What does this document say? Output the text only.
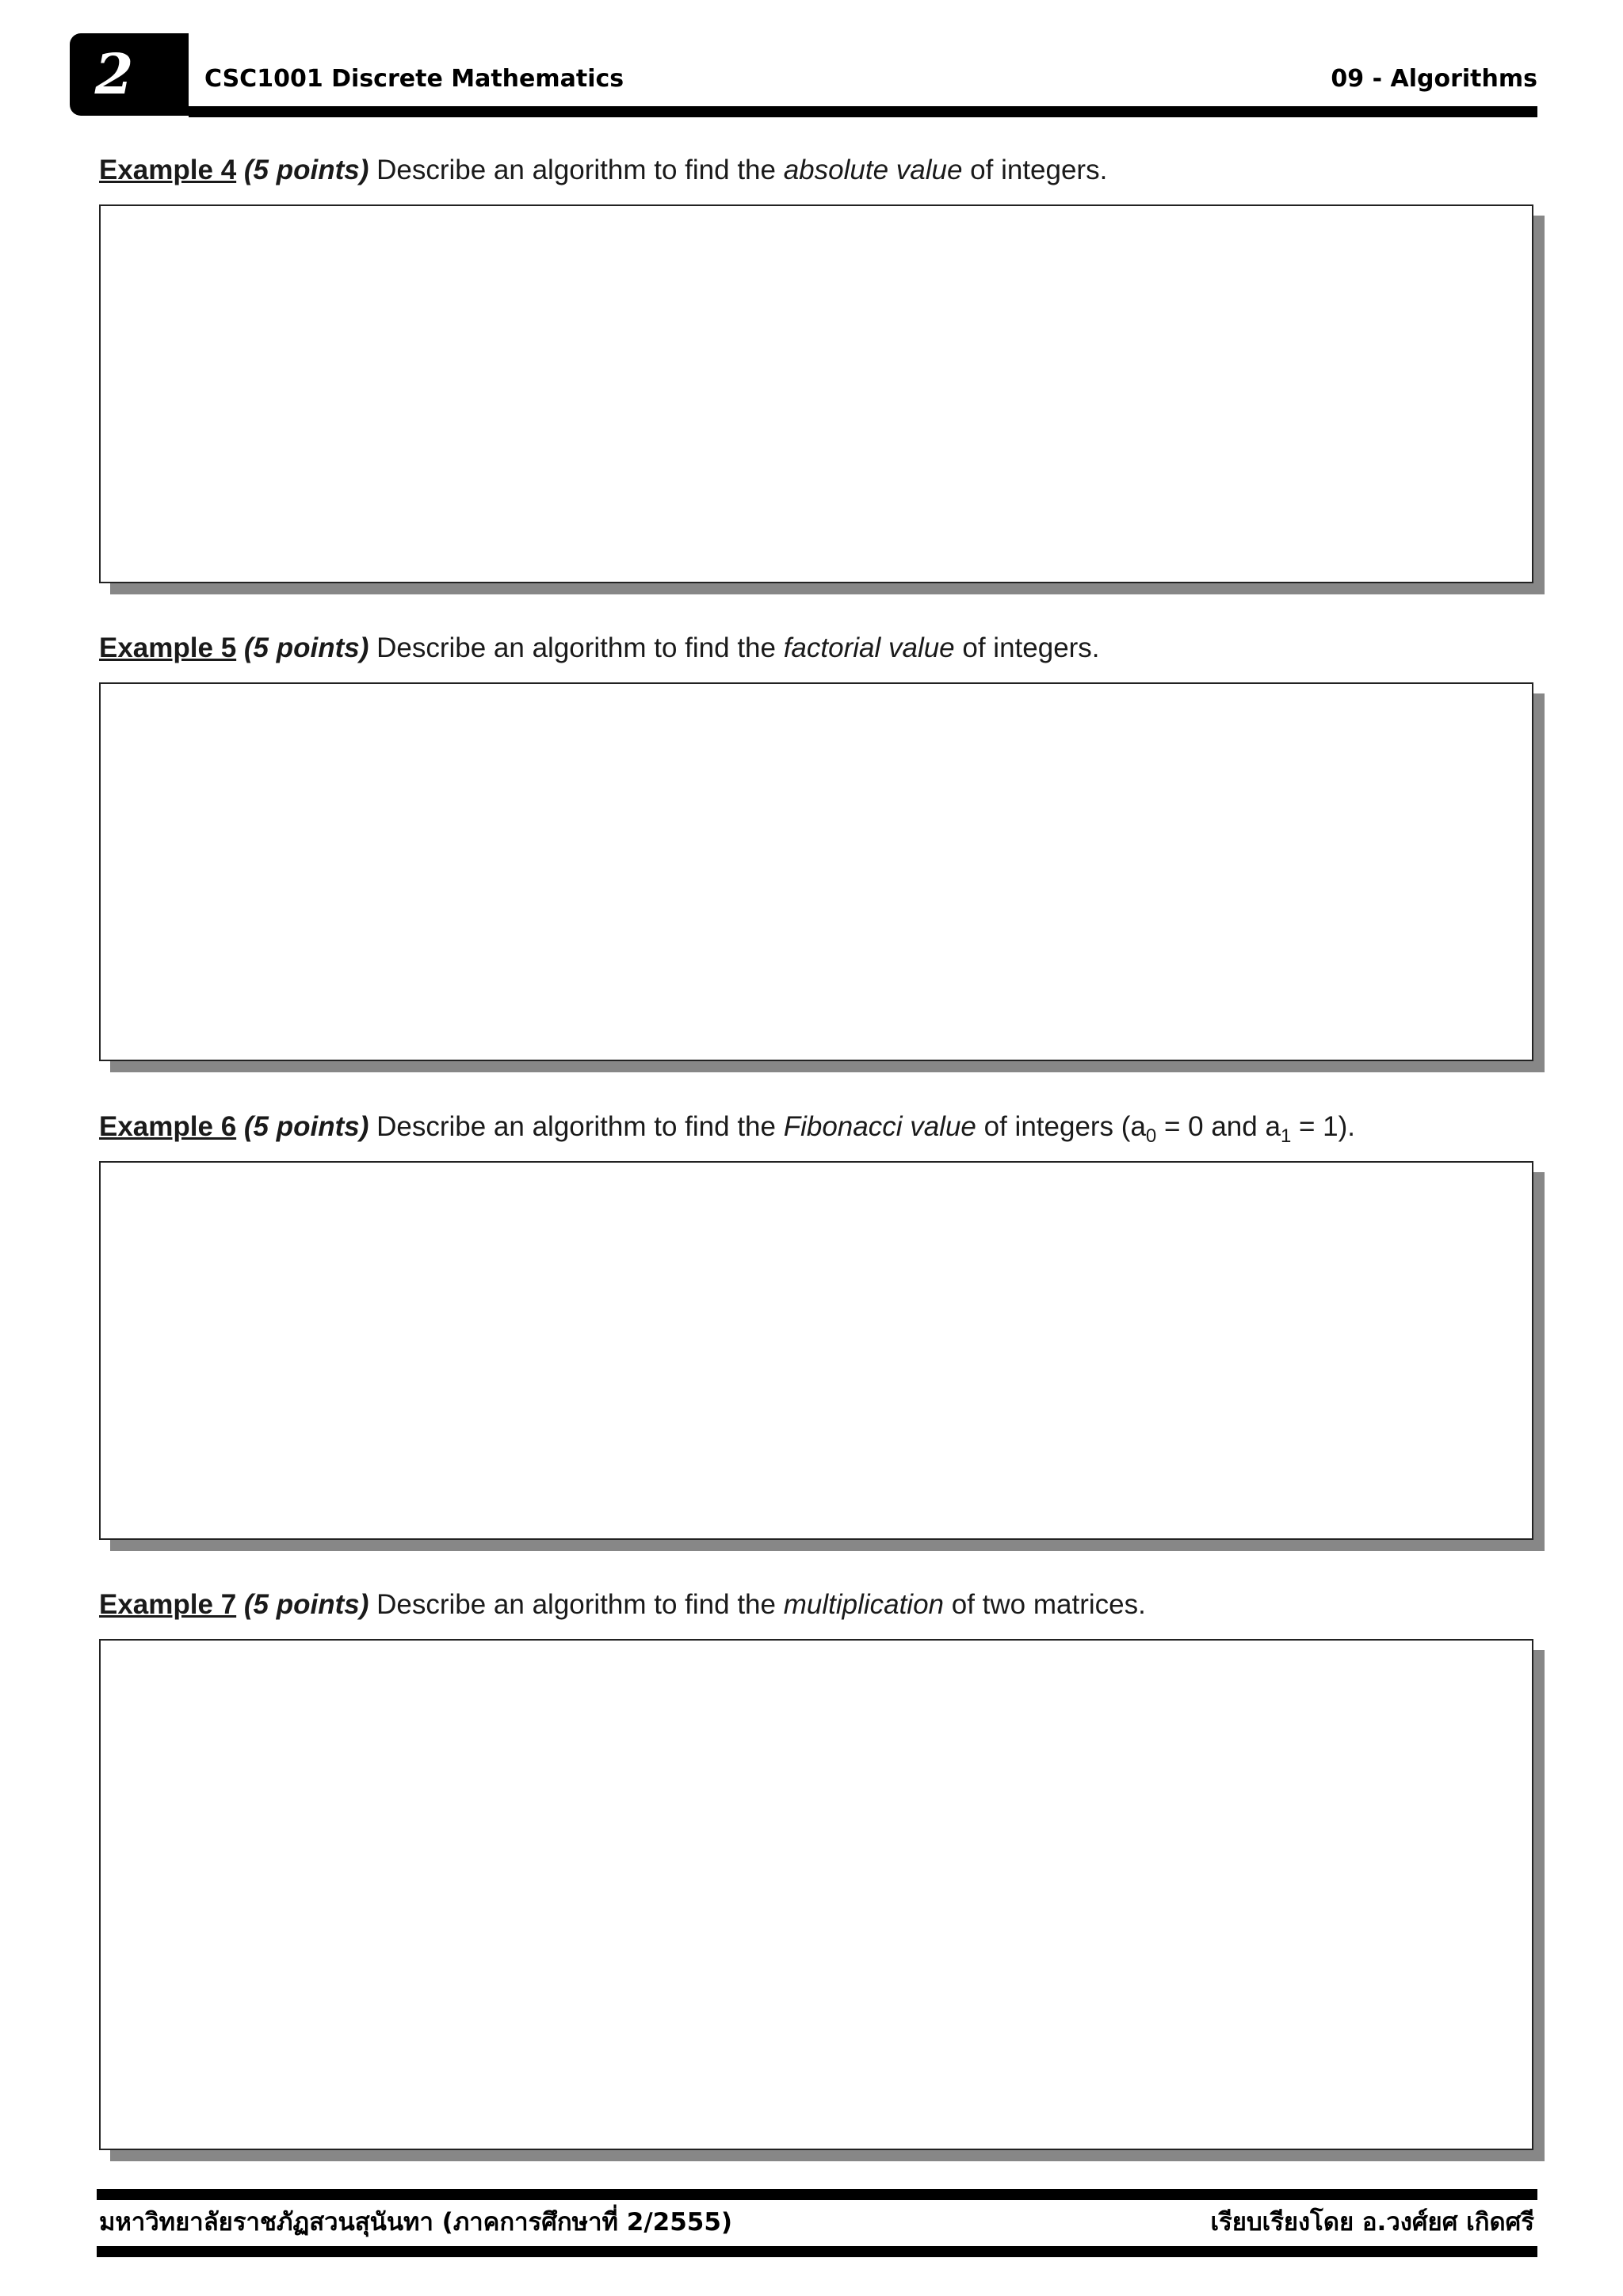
2	CSC1001 Discrete Mathematics	09 - Algorithms
Example 4 (5 points) Describe an algorithm to find the absolute value of integers.
Example 5 (5 points) Describe an algorithm to find the factorial value of integers.
Example 6 (5 points) Describe an algorithm to find the Fibonacci value of integers ($a_0 = 0$ and $a_1 = 1$).
Example 7 (5 points) Describe an algorithm to find the multiplication of two matrices.
มหาวิทยาลัยราชภัฏสวนสุนันทา (ภาคการศึกษาที่ 2/2555)	เรียบเรียงโดย อ.วงศ์ยศ เกิดศรี
